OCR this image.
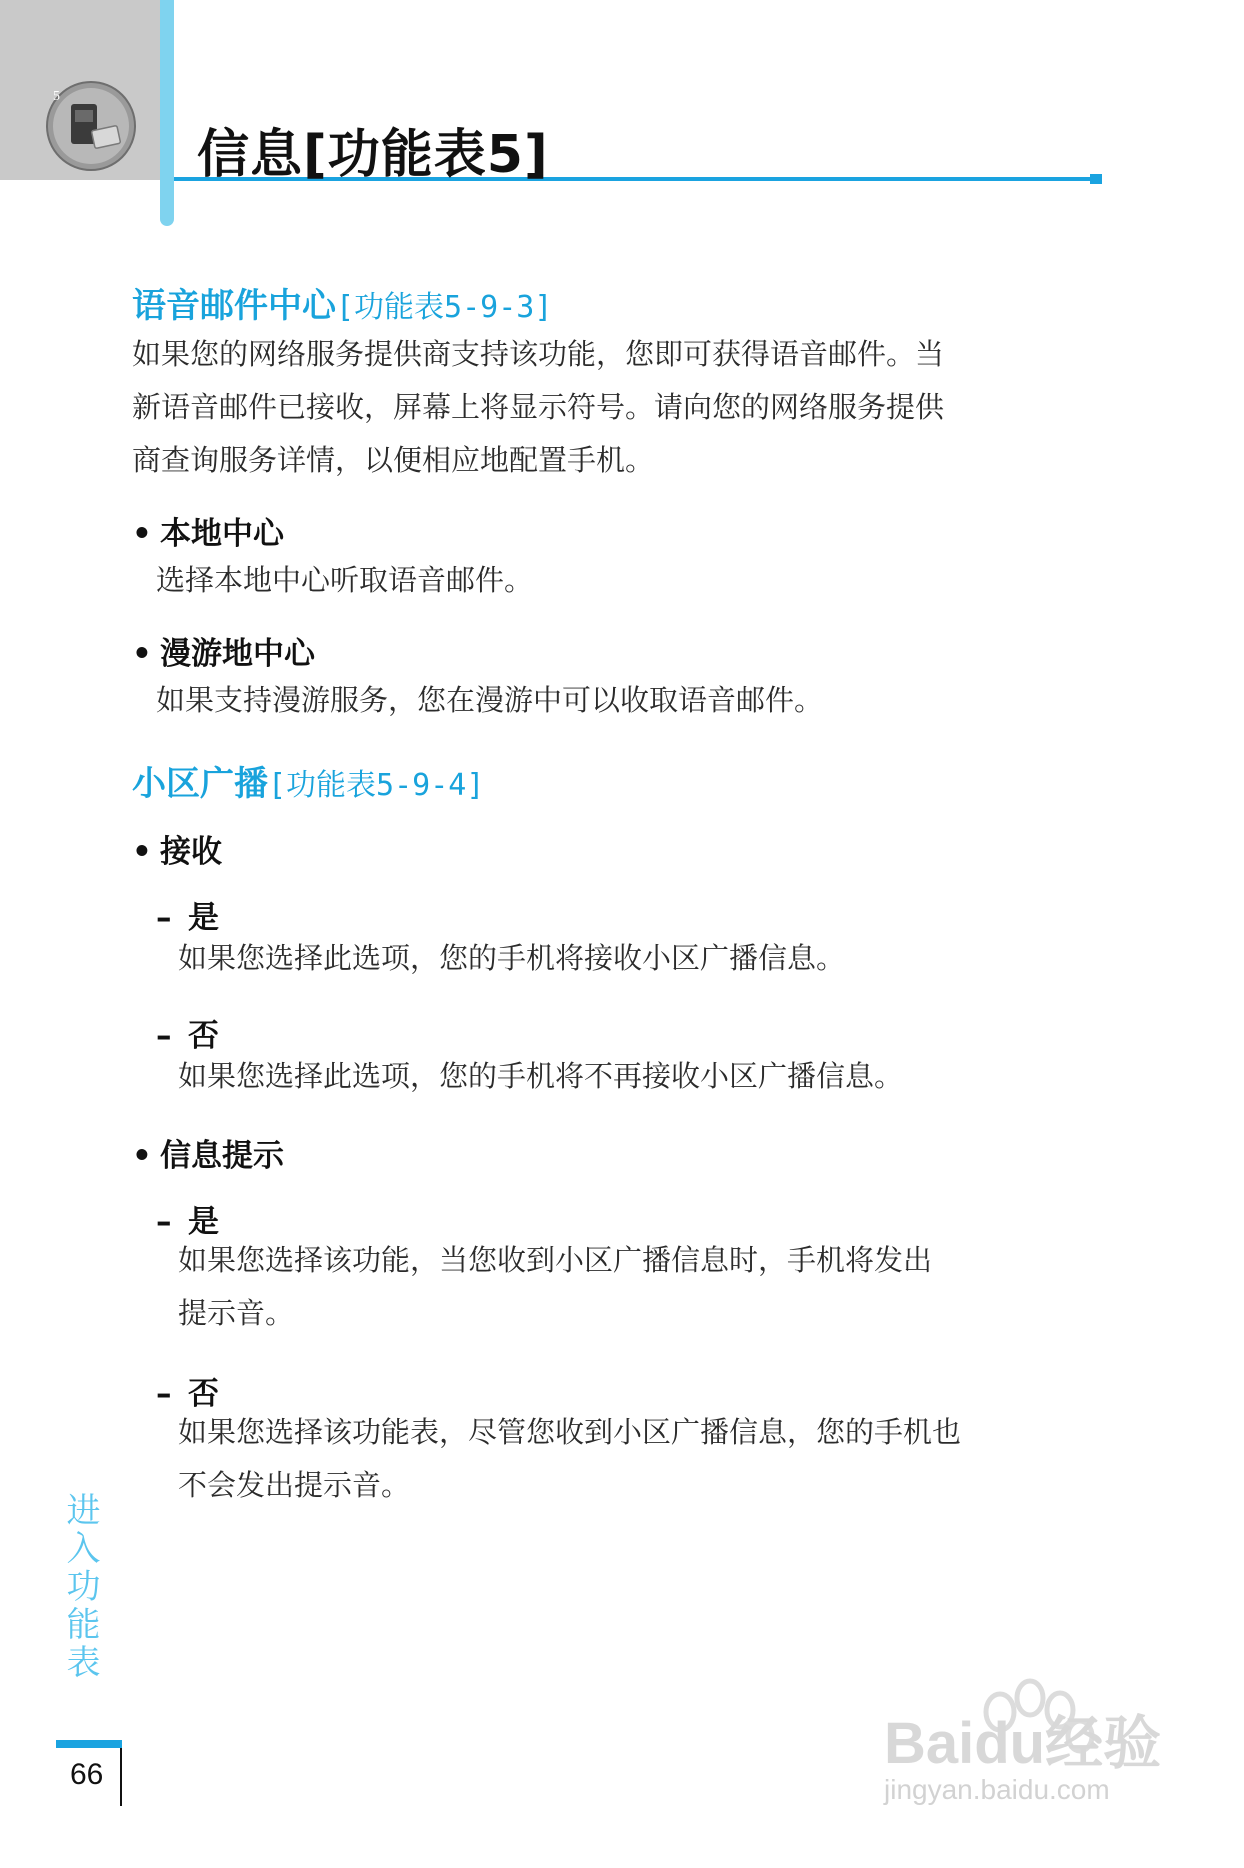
5
信息[功能表5]
语音邮件中心[功能表5-9-3]
如果您的网络服务提供商支持该功能，您即可获得语音邮件。当
新语音邮件已接收，屏幕上将显示符号。请向您的网络服务提供
商查询服务详情，以便相应地配置手机。
• 本地中心
选择本地中心听取语音邮件。
• 漫游地中心
如果支持漫游服务，您在漫游中可以收取语音邮件。
小区广播[功能表5-9-4]
• 接收
– 是
如果您选择此选项，您的手机将接收小区广播信息。
– 否
如果您选择此选项，您的手机将不再接收小区广播信息。
• 信息提示
– 是
如果您选择该功能，当您收到小区广播信息时，手机将发出
提示音。
– 否
如果您选择该功能表，尽管您收到小区广播信息，您的手机也
不会发出提示音。
进入功能表
66	Baidu经验
jingyan.baidu.com
